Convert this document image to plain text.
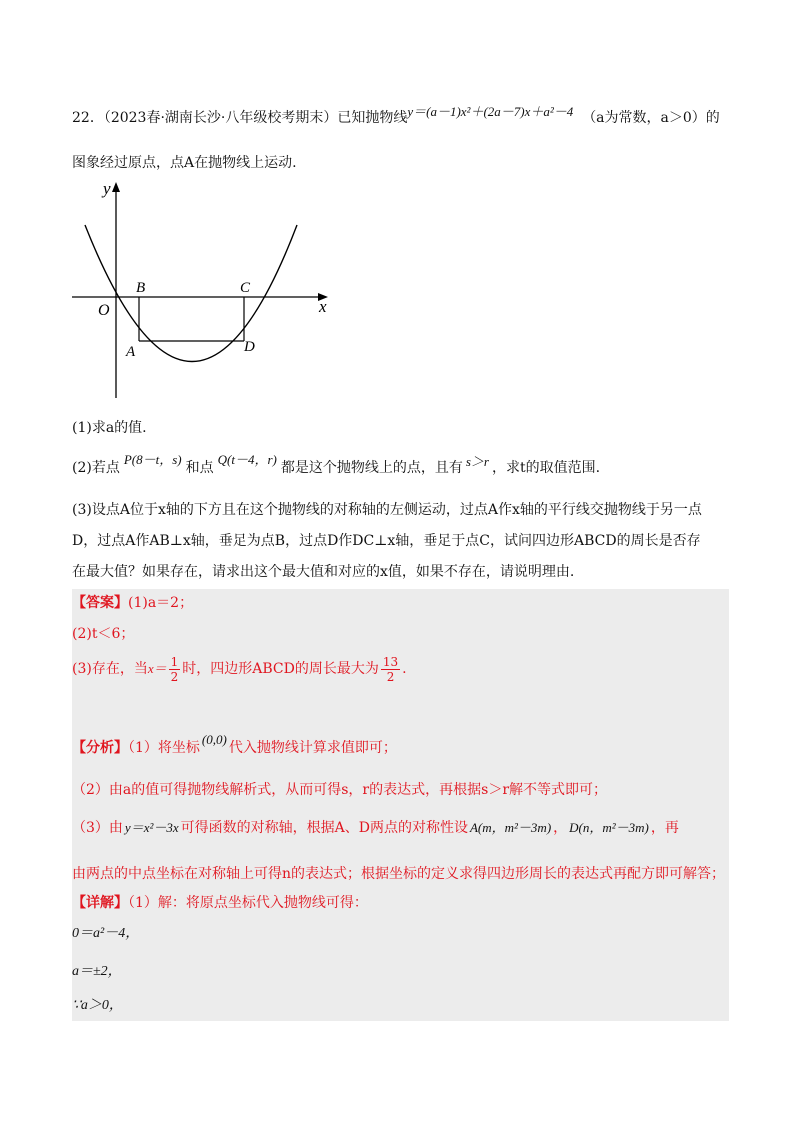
22．（2023春·湖南长沙·八年级校考期末）已知抛物线y＝(a－1)x²＋(2a－7)x＋a²－4 （a为常数，a＞0）的
图象经过原点，点A在抛物线上运动.
y
x
O
B	C
A	D
(1)求a的值.
(2)若点P(8－t，s)和点Q(t－4，r)都是这个抛物线上的点，且有 s＞r ，求t的取值范围.
(3)设点A位于x轴的下方且在这个抛物线的对称轴的左侧运动，过点A作x轴的平行线交抛物线于另一点
D，过点A作AB⊥x轴，垂足为点B，过点D作DC⊥x轴，垂足于点C，试问四边形ABCD的周长是否存
在最大值？如果存在，请求出这个最大值和对应的x值，如果不存在，请说明理由.
【答案】(1)a＝2；
(2)t＜6；
(3)存在，当$x= \frac{1}{2}$ 时，四边形ABCD的周长最大为 $\frac{13}{2}$ .
【分析】（1）将坐标(0,0)代入抛物线计算求值即可；
（2）由a的值可得抛物线解析式，从而可得s，r的表达式，再根据s＞r解不等式即可；
（3）由 y＝x²－3x 可得函数的对称轴，根据A、D两点的对称性设 A(m，m²－3m) ， D(n，m²－3m) ，再
由两点的中点坐标在对称轴上可得n的表达式；根据坐标的定义求得四边形周长的表达式再配方即可解答；
【详解】（1）解：将原点坐标代入抛物线可得：
0＝a²－4，
a＝±2，
∵a＞0，
